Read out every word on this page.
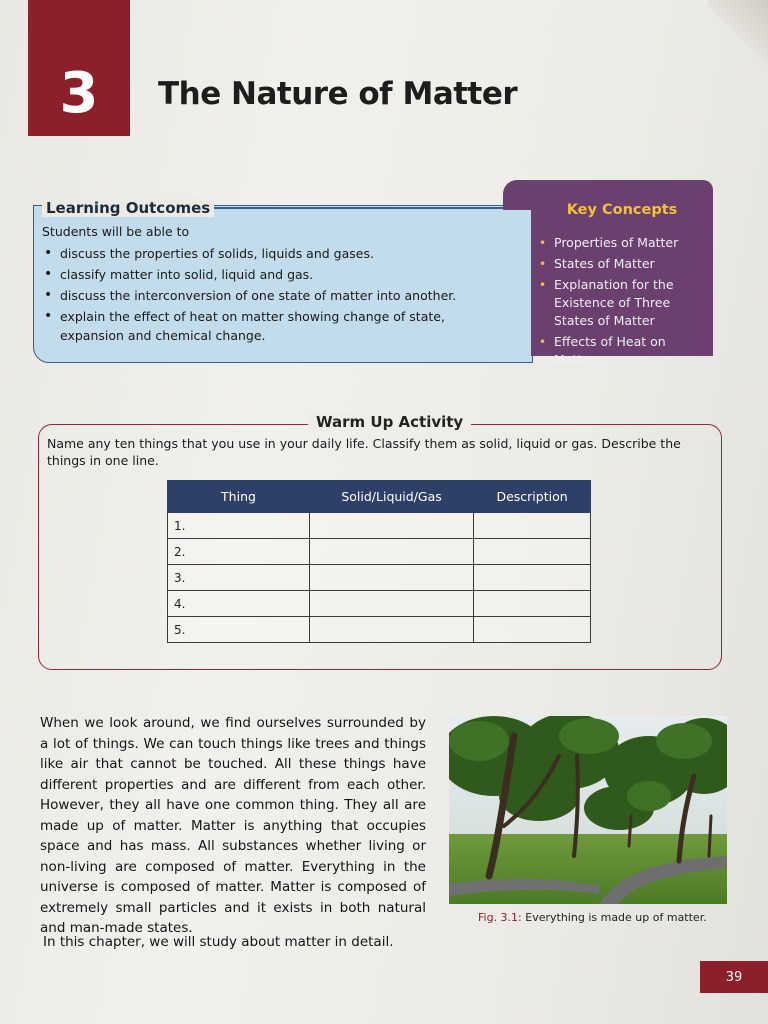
3	The Nature of Matter
Learning Outcomes
Students will be able to
• discuss the properties of solids, liquids and gases.
• classify matter into solid, liquid and gas.
• discuss the interconversion of one state of matter into another.
• explain the effect of heat on matter showing change of state, expansion and chemical change.
Key Concepts
• Properties of Matter
• States of Matter
• Explanation for the Existence of Three States of Matter
• Effects of Heat on Matter
Warm Up Activity
Name any ten things that you use in your daily life. Classify them as solid, liquid or gas. Describe the things in one line.
Thing	Solid/Liquid/Gas	Description
1.		
2.		
3.		
4.		
5.		

When we look around, we find ourselves surrounded by a lot of things. We can touch things like trees and things like air that cannot be touched. All these things have different properties and are different from each other. However, they all have one common thing. They all are made up of matter. Matter is anything that occupies space and has mass. All substances whether living or non-living are composed of matter. Everything in the universe is composed of matter. Matter is composed of extremely small particles and it exists in both natural and man-made states.

In this chapter, we will study about matter in detail.

Fig. 3.1: Everything is made up of matter.
39
